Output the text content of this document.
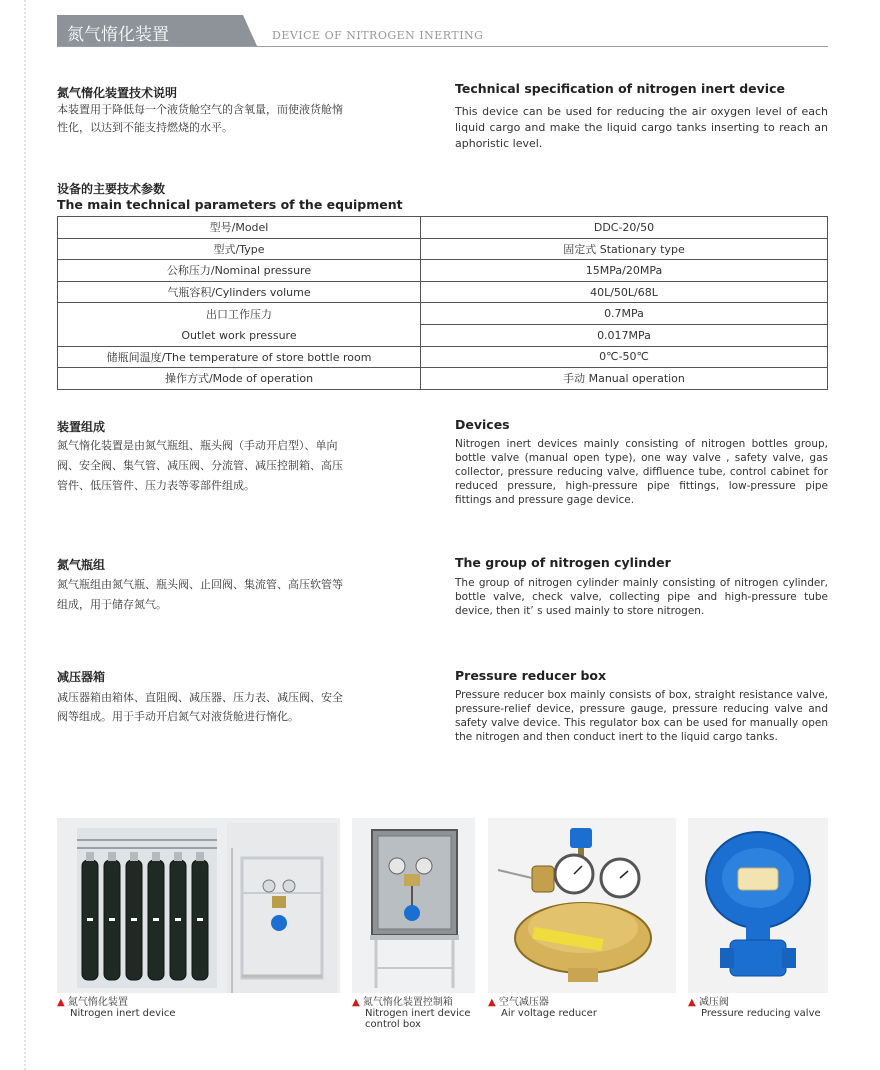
氮气惰化装置	DEVICE OF NITROGEN INERTING
氮气惰化装置技术说明
本装置用于降低每一个液货舱空气的含氧量，而使液货舱惰
性化，以达到不能支持燃烧的水平。
Technical specification of nitrogen inert device
This device can be used for reducing the air oxygen level of each liquid cargo and make the liquid cargo tanks inserting to reach an aphoristic level.
设备的主要技术参数
The main technical parameters of the equipment
型号/Model	DDC-20/50
型式/Type	固定式 Stationary type
公称压力/Nominal pressure	15MPa/20MPa
气瓶容积/Cylinders volume	40L/50L/68L
出口工作压力	0.7MPa
Outlet work pressure	0.017MPa
储瓶间温度/The temperature of store bottle room	0℃-50℃
操作方式/Mode of operation	手动 Manual operation
装置组成
氮气惰化装置是由氮气瓶组、瓶头阀（手动开启型）、单向
阀、安全阀、集气管、减压阀、分流管、减压控制箱、高压
管件、低压管件、压力表等零部件组成。
Devices
Nitrogen inert devices mainly consisting of nitrogen bottles group, bottle valve (manual open type), one way valve , safety valve, gas collector, pressure reducing valve, diffluence tube, control cabinet for reduced pressure, high-pressure pipe fittings, low-pressure pipe fittings and pressure gage device.
氮气瓶组
氮气瓶组由氮气瓶、瓶头阀、止回阀、集流管、高压软管等
组成，用于储存氮气。
The group of nitrogen cylinder
The group of nitrogen cylinder mainly consisting of nitrogen cylinder, bottle valve, check valve, collecting pipe and high-pressure tube device, then it’ s used mainly to store nitrogen.
减压器箱
减压器箱由箱体、直阻阀、减压器、压力表、减压阀、安全
阀等组成。用于手动开启氮气对液货舱进行惰化。
Pressure reducer box
Pressure reducer box mainly consists of box, straight resistance valve, pressure-relief device, pressure gauge, pressure reducing valve and safety valve device. This regulator box can be used for manually open the nitrogen and then conduct inert to the liquid cargo tanks.
▲ 氮气惰化装置
Nitrogen inert device
▲ 氮气惰化装置控制箱
Nitrogen inert device
control box
▲ 空气减压器
Air voltage reducer
▲ 减压阀
Pressure reducing valve
